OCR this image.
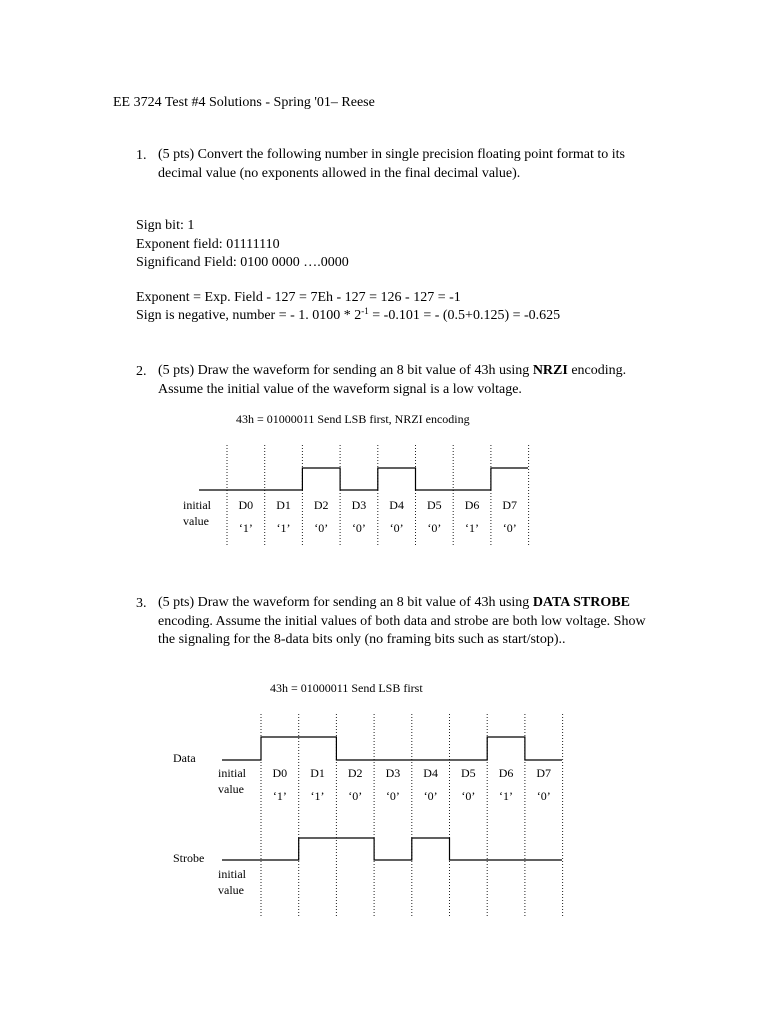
EE 3724 Test #4 Solutions - Spring '01– Reese
1. (5 pts) Convert the following number in single precision floating point format to its decimal value (no exponents allowed in the final decimal value).
Sign bit: 1
Exponent field: 01111110
Significand Field: 0100 0000 ….0000
Exponent = Exp. Field - 127 = 7Eh - 127 = 126 - 127 = -1
Sign is negative, number = - 1. $0100 * 2^{-1} = -0.101$ = - (0.5+0.125) = -0.625
2. (5 pts) Draw the waveform for sending an 8 bit value of 43h using NRZI encoding. Assume the initial value of the waveform signal is a low voltage.
43h = 01000011 Send LSB first, NRZI encoding
initial
value
D0
‘1’
D1
‘1’
D2
‘0’
D3
‘0’
D4
‘0’
D5
‘0’
D6
‘1’
D7
‘0’
3. (5 pts) Draw the waveform for sending an 8 bit value of 43h using DATA STROBE encoding. Assume the initial values of both data and strobe are both low voltage. Show the signaling for the 8-data bits only (no framing bits such as start/stop)..
43h = 01000011 Send LSB first
Data
initial
value
D0
‘1’
D1
‘1’
D2
‘0’
D3
‘0’
D4
‘0’
D5
‘0’
D6
‘1’
D7
‘0’
Strobe
initial
value
